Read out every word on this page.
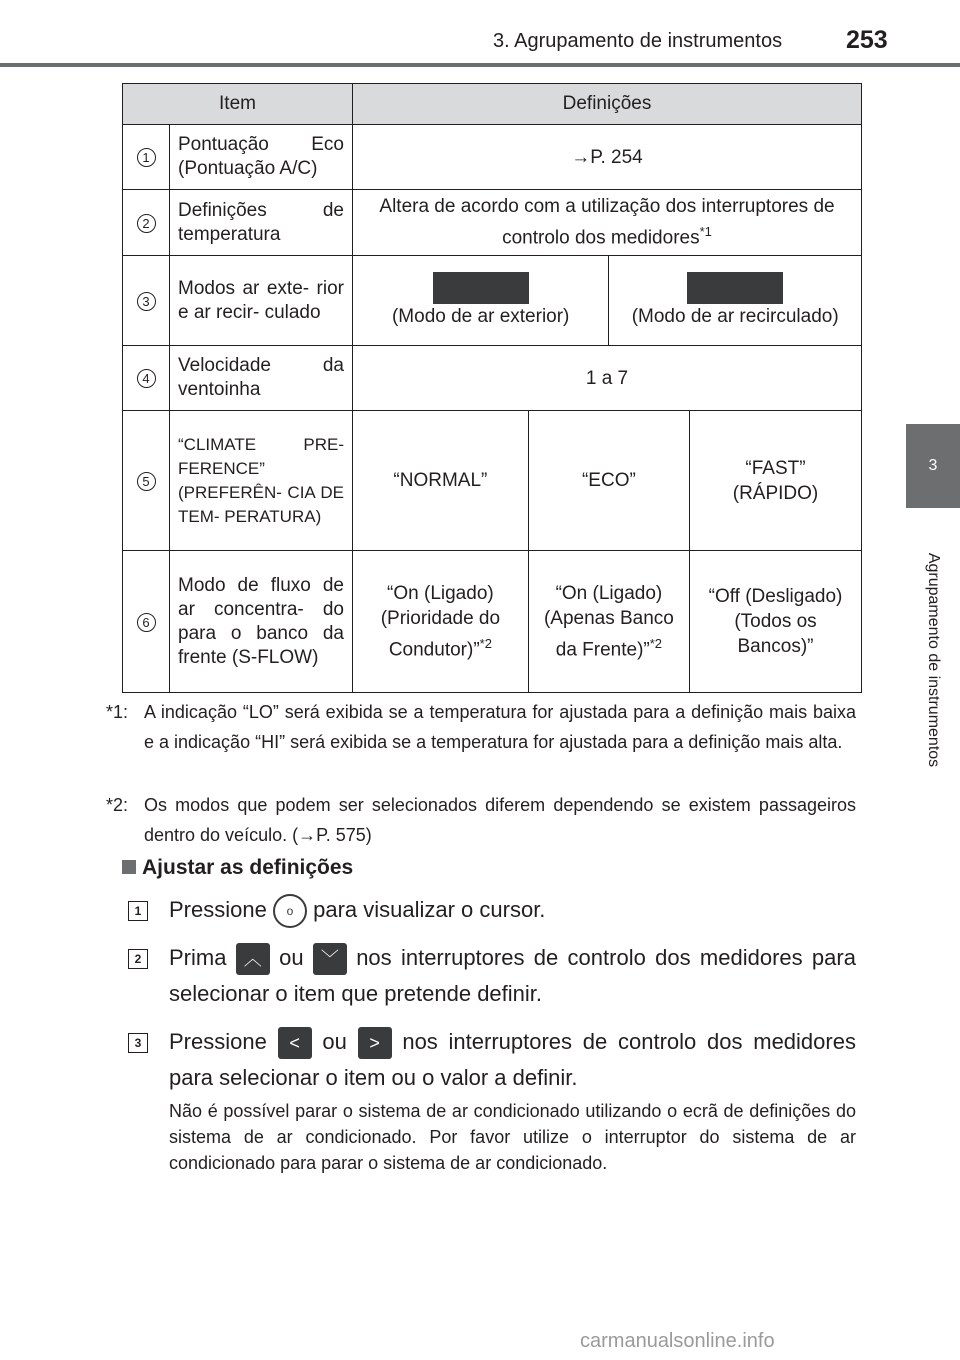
3. Agrupamento de instrumentos	253
3
Agrupamento de instrumentos
Item		Definições			
1	Pontuação Eco (Pontuação A/C)	→P. 254			
2	Definições de temperatura	Altera de acordo com a utilização dos interruptores de controlo dos medidores$^{*1}$
3	Modos ar exte- rior e ar recir- culado	(Modo de ar exterior)		(Modo de ar recirculado)	
4	Velocidade da ventoinha	1 a 7			
5	“CLIMATE PRE- FERENCE” (PREFERÊN- CIA DE TEM- PERATURA)	“NORMAL”	“ECO”		“FAST” (RÁPIDO)
6	Modo de fluxo de ar concentra- do para o banco da frente (S-FLOW)	“On (Ligado) (Prioridade do Condutor)”$^{*2}$	“On (Ligado) (Apenas Banco da Frente)”$^{*2}$		“Off (Desligado) (Todos os Bancos)”
*1: A indicação “LO” será exibida se a temperatura for ajustada para a definição mais baixa e a indicação “HI” será exibida se a temperatura for ajustada para a definição mais alta.
*2: Os modos que podem ser selecionados diferem dependendo se existem passageiros dentro do veículo. (→P. 575)
Ajustar as definições
1	Pressione o para visualizar o cursor.
2	Prima ︿ ou ﹀ nos interruptores de controlo dos medidores para selecionar o item que pretende definir.
3	Pressione < ou > nos interruptores de controlo dos medidores para selecionar o item ou o valor a definir.
Não é possível parar o sistema de ar condicionado utilizando o ecrã de definições do sistema de ar condicionado. Por favor utilize o interruptor do sistema de ar condicionado para parar o sistema de ar condicionado.
carmanualsonline.info
